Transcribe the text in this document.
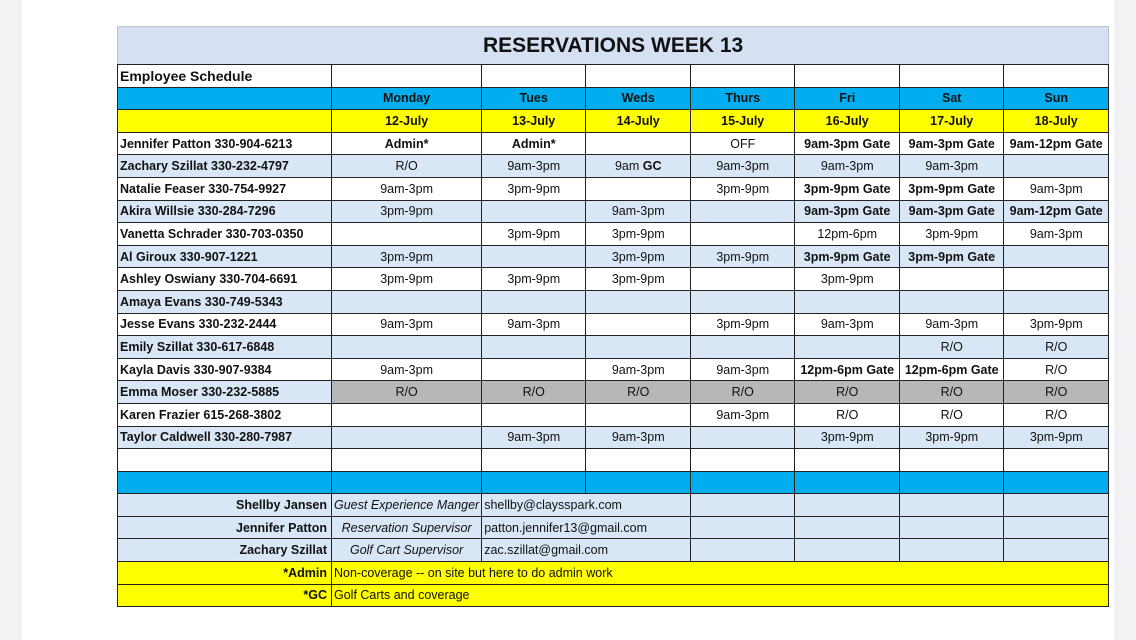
RESERVATIONS WEEK 13							
Employee Schedule							
	Monday	Tues	Weds	Thurs	Fri	Sat	Sun
	12-July	13-July	14-July	15-July	16-July	17-July	18-July
Jennifer Patton 330-904-6213	Admin*	Admin*		OFF	9am-3pm Gate	9am-3pm Gate	9am-12pm Gate
Zachary Szillat 330-232-4797	R/O	9am-3pm	9am GC	9am-3pm	9am-3pm	9am-3pm	
Natalie Feaser 330-754-9927	9am-3pm	3pm-9pm		3pm-9pm	3pm-9pm Gate	3pm-9pm Gate	9am-3pm
Akira Willsie 330-284-7296	3pm-9pm		9am-3pm		9am-3pm Gate	9am-3pm Gate	9am-12pm Gate
Vanetta Schrader 330-703-0350		3pm-9pm	3pm-9pm		12pm-6pm	3pm-9pm	9am-3pm
Al Giroux 330-907-1221	3pm-9pm		3pm-9pm	3pm-9pm	3pm-9pm Gate	3pm-9pm Gate	
Ashley Oswiany 330-704-6691	3pm-9pm	3pm-9pm	3pm-9pm		3pm-9pm		
Amaya Evans 330-749-5343							
Jesse Evans 330-232-2444	9am-3pm	9am-3pm		3pm-9pm	9am-3pm	9am-3pm	3pm-9pm
Emily Szillat 330-617-6848						R/O	R/O
Kayla Davis 330-907-9384	9am-3pm		9am-3pm	9am-3pm	12pm-6pm Gate	12pm-6pm Gate	R/O
Emma Moser 330-232-5885	R/O	R/O	R/O	R/O	R/O	R/O	R/O
Karen Frazier 615-268-3802				9am-3pm	R/O	R/O	R/O
Taylor Caldwell 330-280-7987		9am-3pm	9am-3pm		3pm-9pm	3pm-9pm	3pm-9pm

Shellby Jansen	Guest Experience Manger	shellby@claysspark.com					
Jennifer Patton	Reservation Supervisor	patton.jennifer13@gmail.com					
Zachary Szillat	Golf Cart Supervisor	zac.szillat@gmail.com					
*Admin	Non-coverage -- on site but here to do admin work						
*GC	Golf Carts and coverage						
